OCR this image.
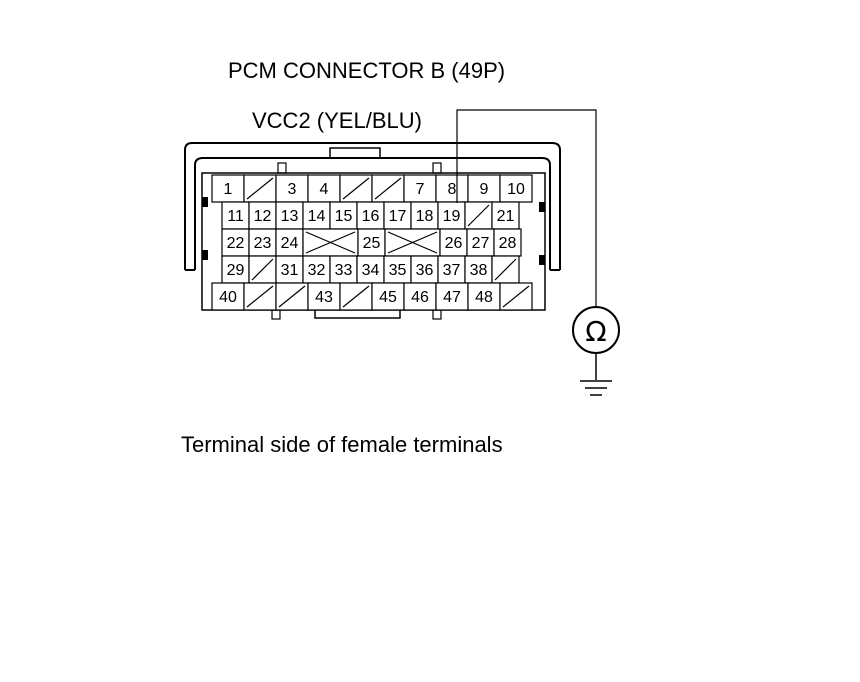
PCM CONNECTOR B (49P)
VCC2 (YEL/BLU)
Terminal side of female terminals
1	3 4	7 8 9 10
11 12 13 14 15 16 17 18 19 21
22 23 24	25	26 27 28
29 31 32 33 34 35 36 37 38
40	43	45 46 47 48
Ω
